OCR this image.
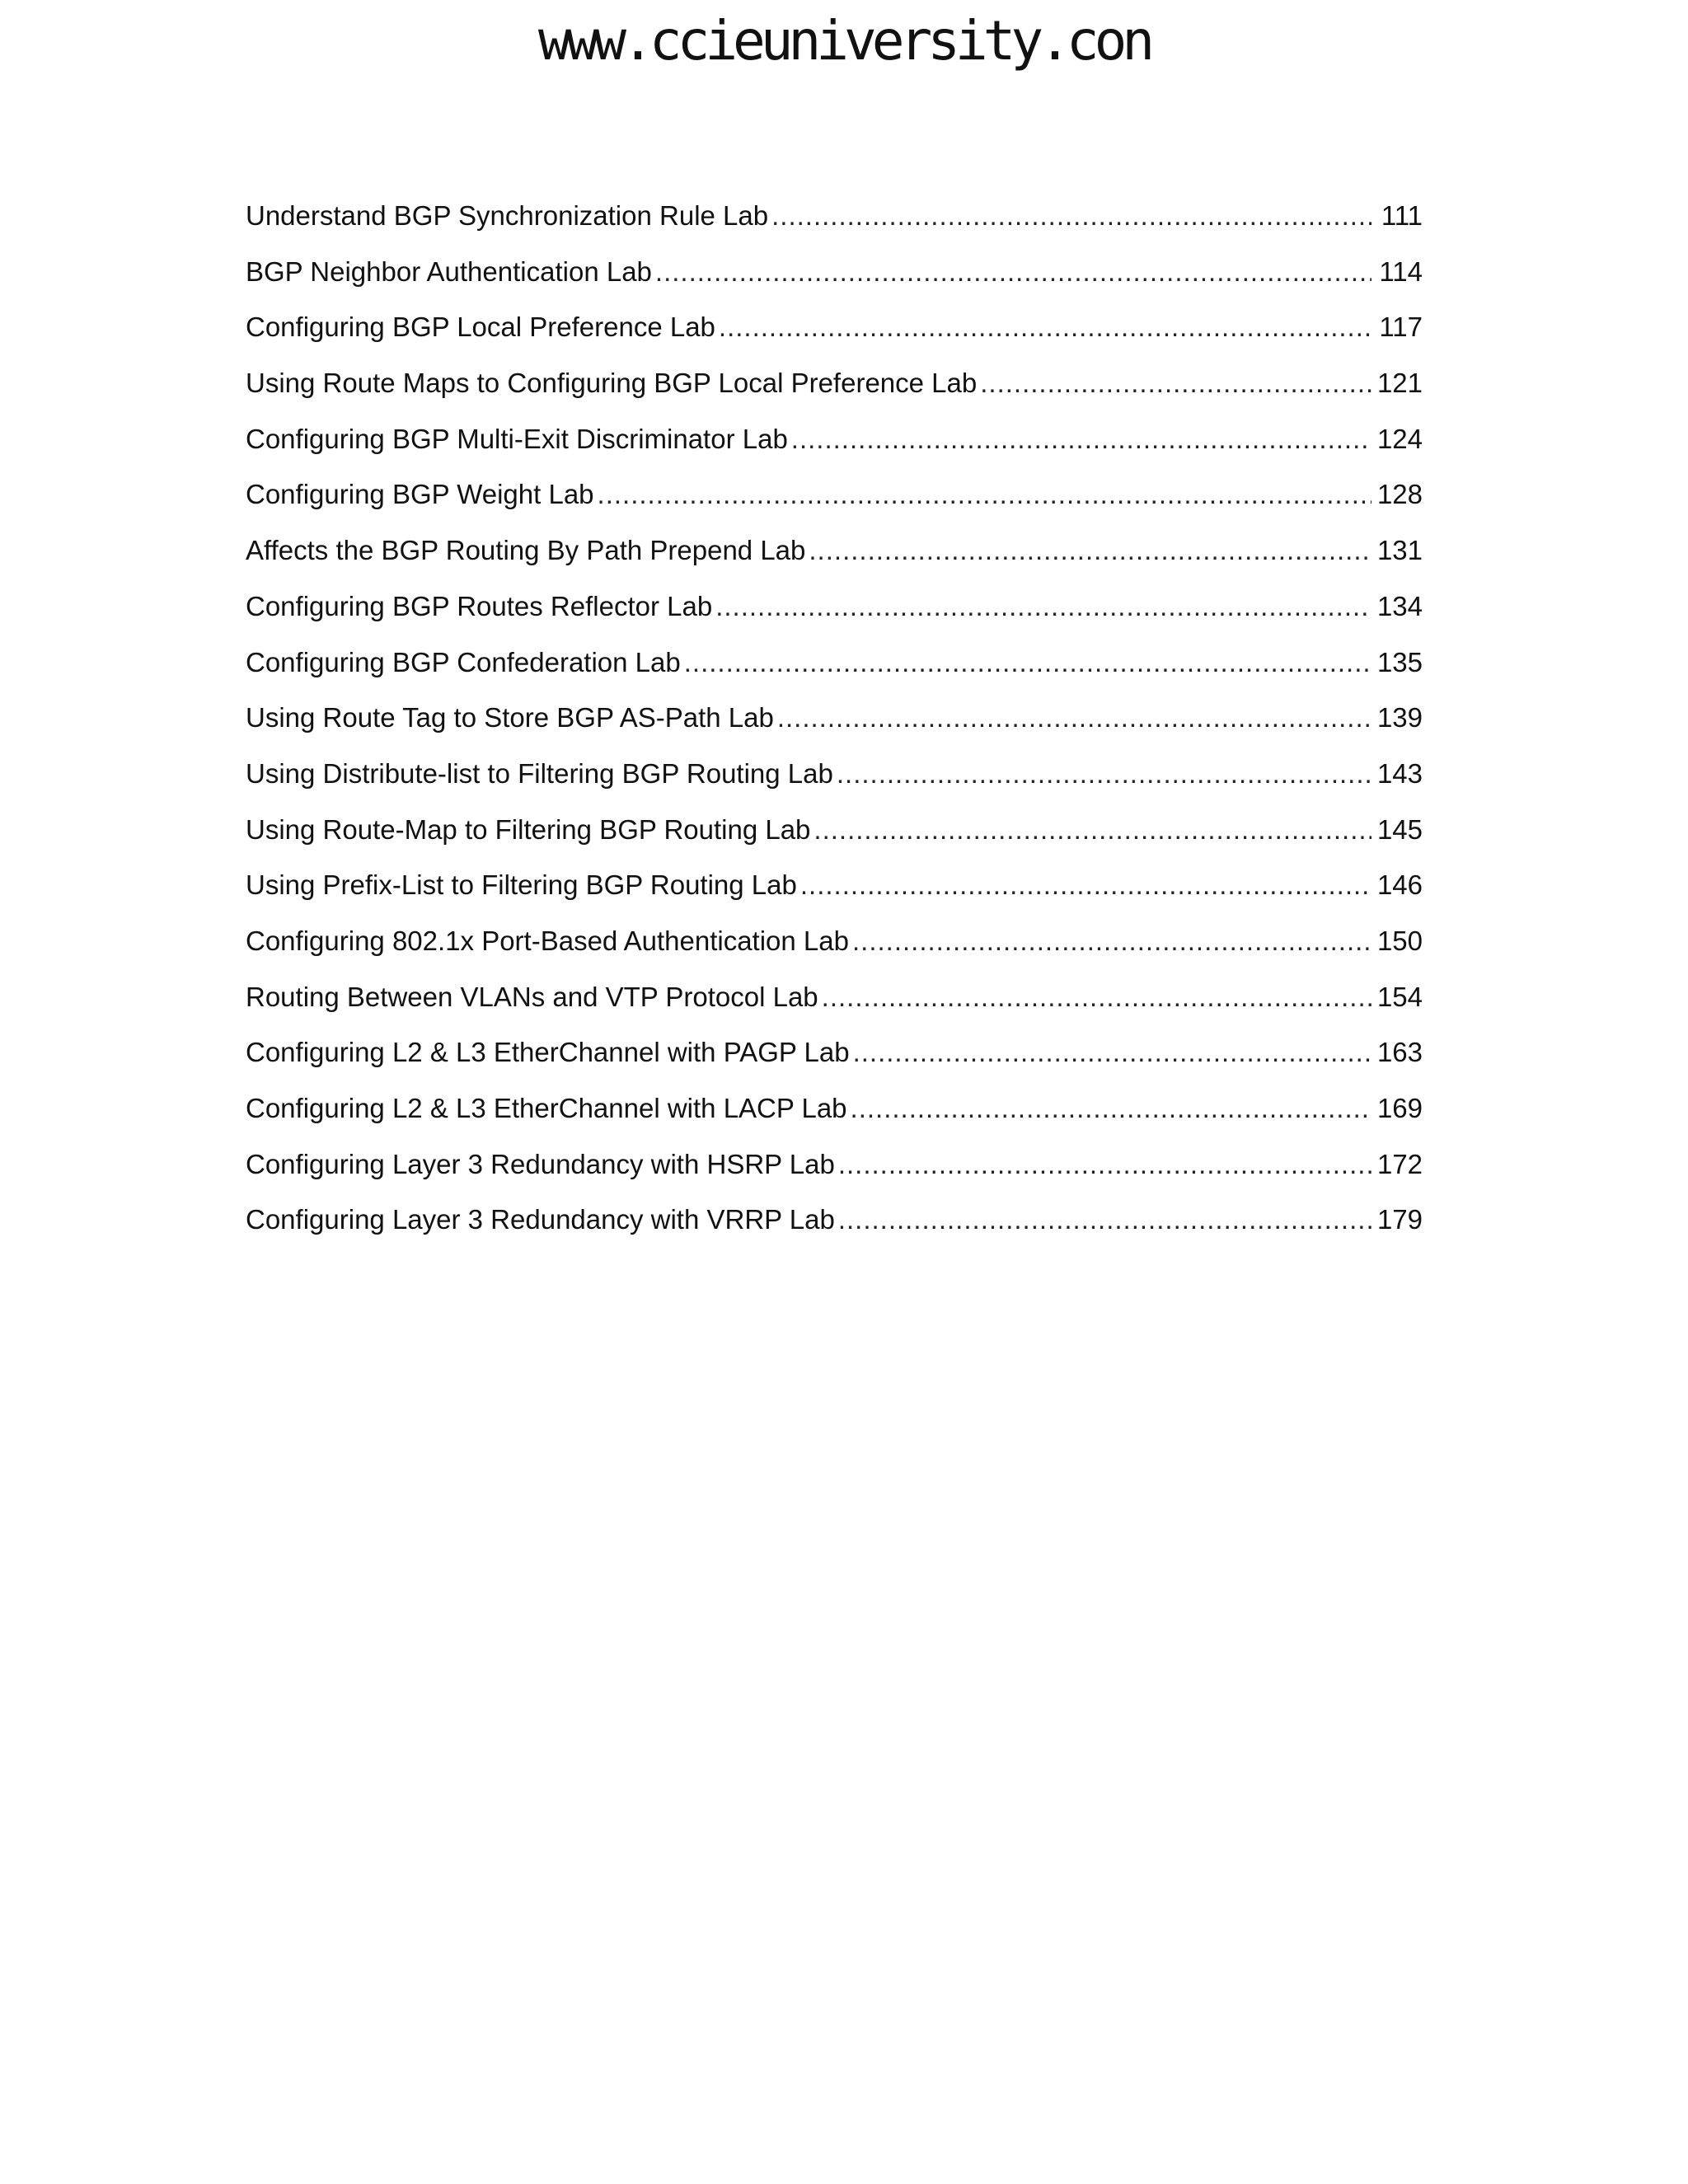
www.ccieuniversity.con
Understand BGP Synchronization Rule Lab .....	111
BGP Neighbor Authentication Lab .....	114
Configuring BGP Local Preference Lab .....	117
Using Route Maps to Configuring BGP Local Preference Lab .....	121
Configuring BGP Multi-Exit Discriminator Lab .....	124
Configuring BGP Weight Lab .....	128
Affects the BGP Routing By Path Prepend Lab .....	131
Configuring BGP Routes Reflector Lab .....	134
Configuring BGP Confederation Lab .....	135
Using Route Tag to Store BGP AS-Path Lab .....	139
Using Distribute-list to Filtering BGP Routing Lab .....	143
Using Route-Map to Filtering BGP Routing Lab .....	145
Using Prefix-List to Filtering BGP Routing Lab .....	146
Configuring 802.1x Port-Based Authentication Lab .....	150
Routing Between VLANs and VTP Protocol Lab .....	154
Configuring L2 & L3 EtherChannel with PAGP Lab .....	163
Configuring L2 & L3 EtherChannel with LACP Lab .....	169
Configuring Layer 3 Redundancy with HSRP Lab .....	172
Configuring Layer 3 Redundancy with VRRP Lab .....	179
